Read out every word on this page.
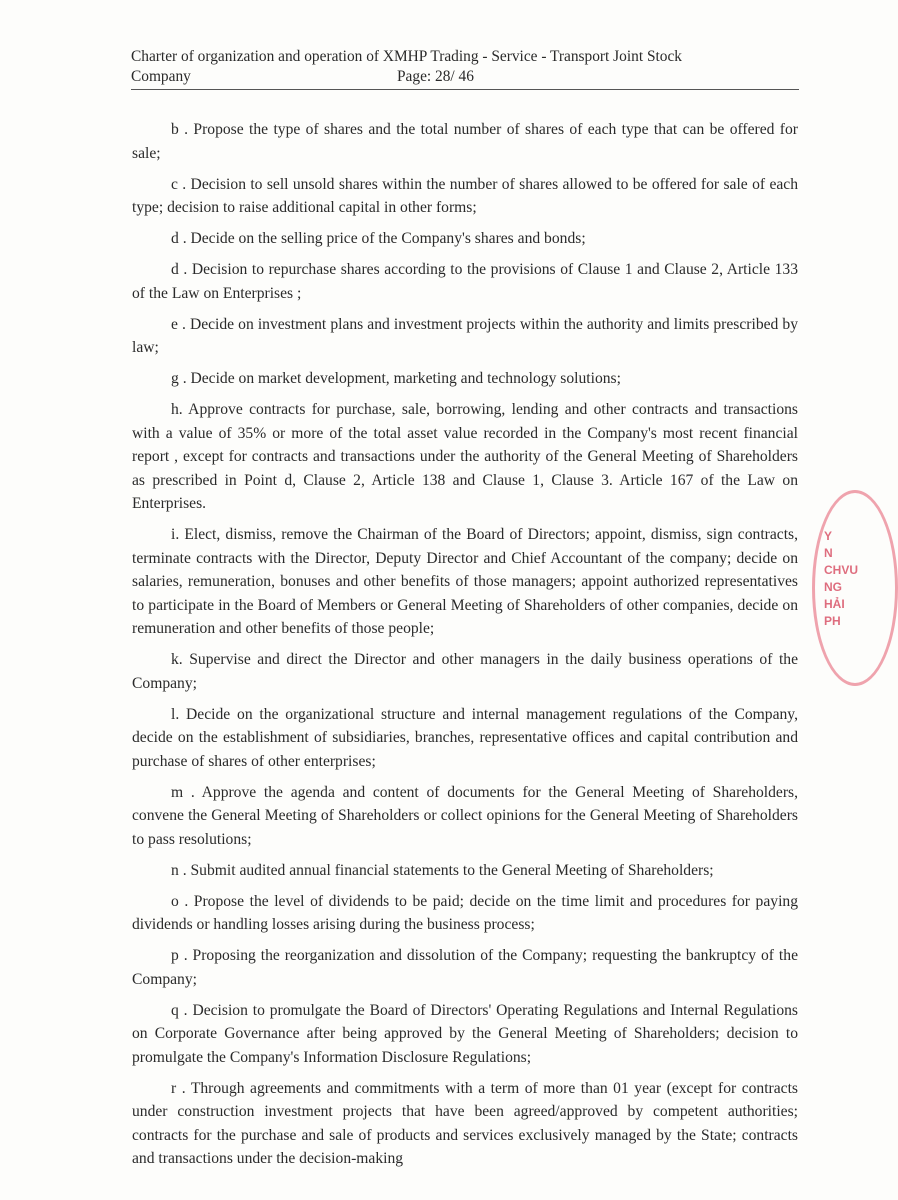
Charter of organization and operation of XMHP Trading - Service - Transport Joint Stock
Company	Page: 28/ 46

b . Propose the type of shares and the total number of shares of each type that can be offered for sale;

c . Decision to sell unsold shares within the number of shares allowed to be offered for sale of each type; decision to raise additional capital in other forms;

d . Decide on the selling price of the Company's shares and bonds;

d . Decision to repurchase shares according to the provisions of Clause 1 and Clause 2, Article 133 of the Law on Enterprises ;

e . Decide on investment plans and investment projects within the authority and limits prescribed by law;

g . Decide on market development, marketing and technology solutions;

h. Approve contracts for purchase, sale, borrowing, lending and other contracts and transactions with a value of 35% or more of the total asset value recorded in the Company's most recent financial report , except for contracts and transactions under the authority of the General Meeting of Shareholders as prescribed in Point d, Clause 2, Article 138 and Clause 1, Clause 3. Article 167 of the Law on Enterprises.

i. Elect, dismiss, remove the Chairman of the Board of Directors; appoint, dismiss, sign contracts, terminate contracts with the Director, Deputy Director and Chief Accountant of the company; decide on salaries, remuneration, bonuses and other benefits of those managers; appoint authorized representatives to participate in the Board of Members or General Meeting of Shareholders of other companies, decide on remuneration and other benefits of those people;

k. Supervise and direct the Director and other managers in the daily business operations of the Company;

l. Decide on the organizational structure and internal management regulations of the Company, decide on the establishment of subsidiaries, branches, representative offices and capital contribution and purchase of shares of other enterprises;

m . Approve the agenda and content of documents for the General Meeting of Shareholders, convene the General Meeting of Shareholders or collect opinions for the General Meeting of Shareholders to pass resolutions;

n . Submit audited annual financial statements to the General Meeting of Shareholders;

o . Propose the level of dividends to be paid; decide on the time limit and procedures for paying dividends or handling losses arising during the business process;

p . Proposing the reorganization and dissolution of the Company; requesting the bankruptcy of the Company;

q . Decision to promulgate the Board of Directors' Operating Regulations and Internal Regulations on Corporate Governance after being approved by the General Meeting of Shareholders; decision to promulgate the Company's Information Disclosure Regulations;

r . Through agreements and commitments with a term of more than 01 year (except for contracts under construction investment projects that have been agreed/approved by competent authorities; contracts for the purchase and sale of products and services exclusively managed by the State; contracts and transactions under the decision-making

Y
N
CHVU
NG
HẢI PH
